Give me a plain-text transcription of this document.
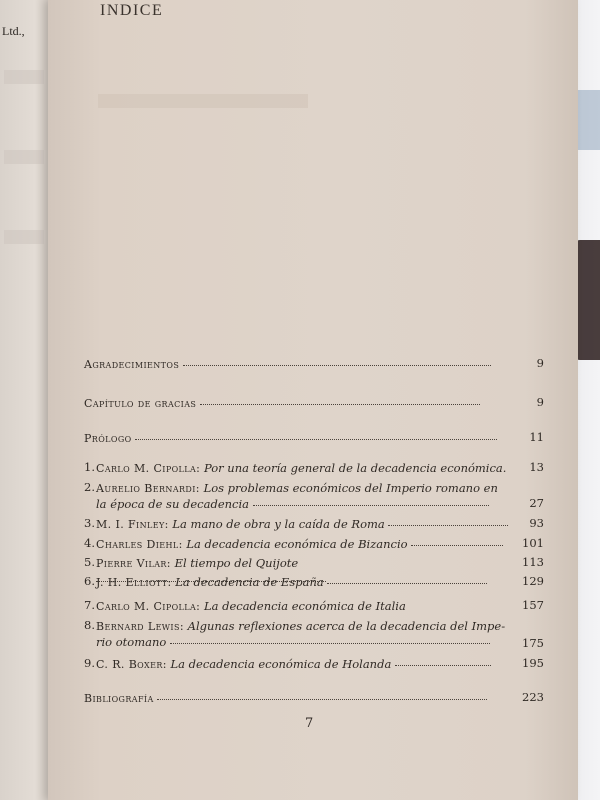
Ltd.,
INDICE
Agradecimientos	9
Capítulo de gracias	9
Prólogo	11
1. Carlo M. Cipolla: Por una teoría general de la decadencia económica.	13
2. Aurelio Bernardi: Los problemas económicos del Imperio romano en
la época de su decadencia	27
3. M. I. Finley: La mano de obra y la caída de Roma	93
4. Charles Diehl: La decadencia económica de Bizancio	101
5. Pierre Vilar: El tiempo del Quijote	113
6. J. H. Elliott: La decadencia de España	129
7. Carlo M. Cipolla: La decadencia económica de Italia	157
8. Bernard Lewis: Algunas reflexiones acerca de la decadencia del Impe-
rio otomano	175
9. C. R. Boxer: La decadencia económica de Holanda	195
Bibliografía	223
7
